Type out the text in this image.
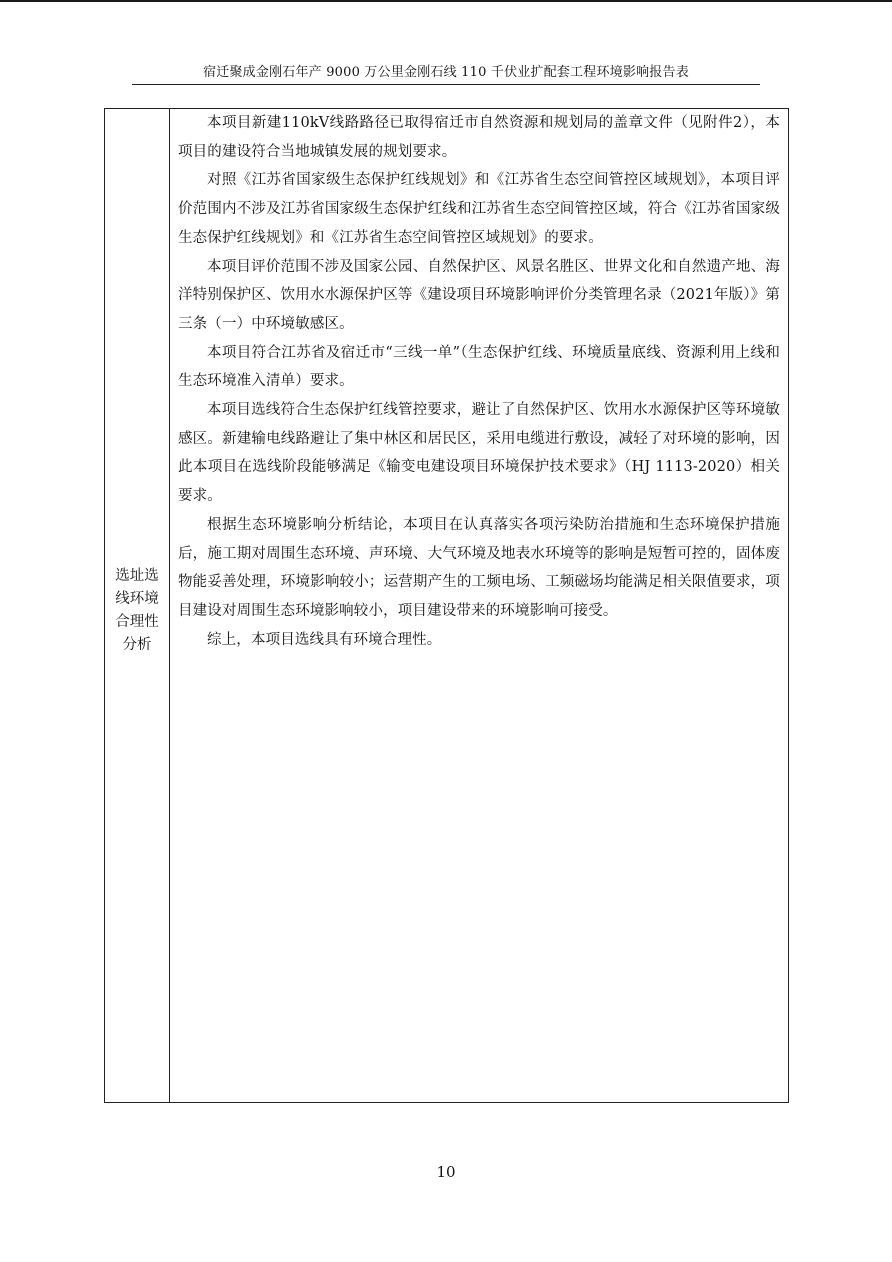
宿迁聚成金刚石年产 9000 万公里金刚石线 110 千伏业扩配套工程环境影响报告表
选址选线环境合理性分析

本项目新建110kV线路路径已取得宿迁市自然资源和规划局的盖章文件（见附件2），本项目的建设符合当地城镇发展的规划要求。

对照《江苏省国家级生态保护红线规划》和《江苏省生态空间管控区域规划》，本项目评价范围内不涉及江苏省国家级生态保护红线和江苏省生态空间管控区域，符合《江苏省国家级生态保护红线规划》和《江苏省生态空间管控区域规划》的要求。

本项目评价范围不涉及国家公园、自然保护区、风景名胜区、世界文化和自然遗产地、海洋特别保护区、饮用水水源保护区等《建设项目环境影响评价分类管理名录（2021年版）》第三条（一）中环境敏感区。

本项目符合江苏省及宿迁市“三线一单”（生态保护红线、环境质量底线、资源利用上线和生态环境准入清单）要求。

本项目选线符合生态保护红线管控要求，避让了自然保护区、饮用水水源保护区等环境敏感区。新建输电线路避让了集中林区和居民区，采用电缆进行敷设，减轻了对环境的影响，因此本项目在选线阶段能够满足《输变电建设项目环境保护技术要求》（HJ 1113-2020）相关要求。

根据生态环境影响分析结论，本项目在认真落实各项污染防治措施和生态环境保护措施后，施工期对周围生态环境、声环境、大气环境及地表水环境等的影响是短暂可控的，固体废物能妥善处理，环境影响较小；运营期产生的工频电场、工频磁场均能满足相关限值要求，项目建设对周围生态环境影响较小，项目建设带来的环境影响可接受。

综上，本项目选线具有环境合理性。

10
